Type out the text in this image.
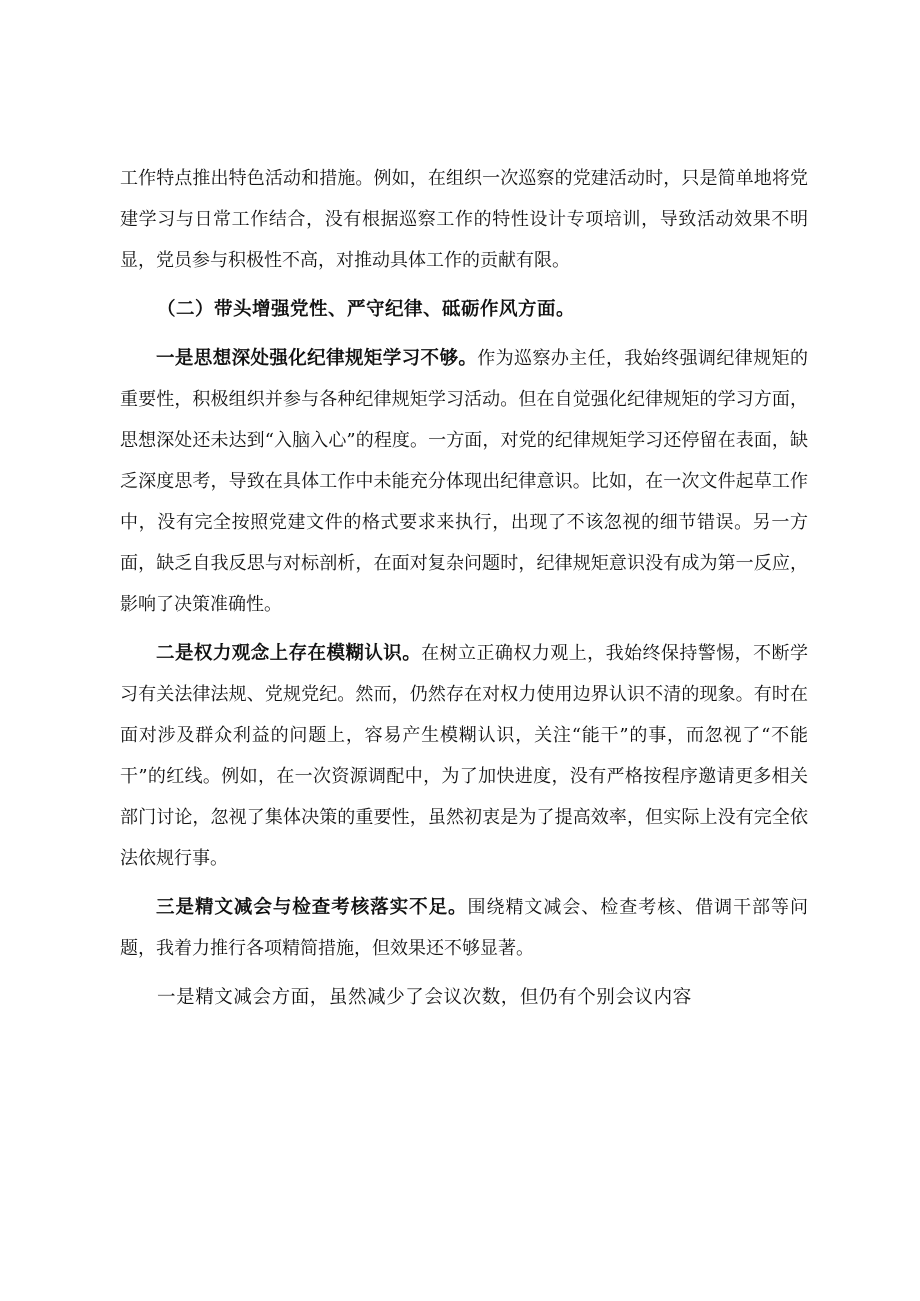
工作特点推出特色活动和措施。例如，在组织一次巡察的党建活动时，只是简单地将党建学习与日常工作结合，没有根据巡察工作的特性设计专项培训，导致活动效果不明显，党员参与积极性不高，对推动具体工作的贡献有限。

（二）带头增强党性、严守纪律、砥砺作风方面。

一是思想深处强化纪律规矩学习不够。作为巡察办主任，我始终强调纪律规矩的重要性，积极组织并参与各种纪律规矩学习活动。但在自觉强化纪律规矩的学习方面，思想深处还未达到“入脑入心”的程度。一方面，对党的纪律规矩学习还停留在表面，缺乏深度思考，导致在具体工作中未能充分体现出纪律意识。比如，在一次文件起草工作中，没有完全按照党建文件的格式要求来执行，出现了不该忽视的细节错误。另一方面，缺乏自我反思与对标剖析，在面对复杂问题时，纪律规矩意识没有成为第一反应，影响了决策准确性。

二是权力观念上存在模糊认识。在树立正确权力观上，我始终保持警惕，不断学习有关法律法规、党规党纪。然而，仍然存在对权力使用边界认识不清的现象。有时在面对涉及群众利益的问题上，容易产生模糊认识，关注“能干”的事，而忽视了“不能干”的红线。例如，在一次资源调配中，为了加快进度，没有严格按程序邀请更多相关部门讨论，忽视了集体决策的重要性，虽然初衷是为了提高效率，但实际上没有完全依法依规行事。

三是精文减会与检查考核落实不足。围绕精文减会、检查考核、借调干部等问题，我着力推行各项精简措施，但效果还不够显著。

一是精文减会方面，虽然减少了会议次数，但仍有个别会议内容
